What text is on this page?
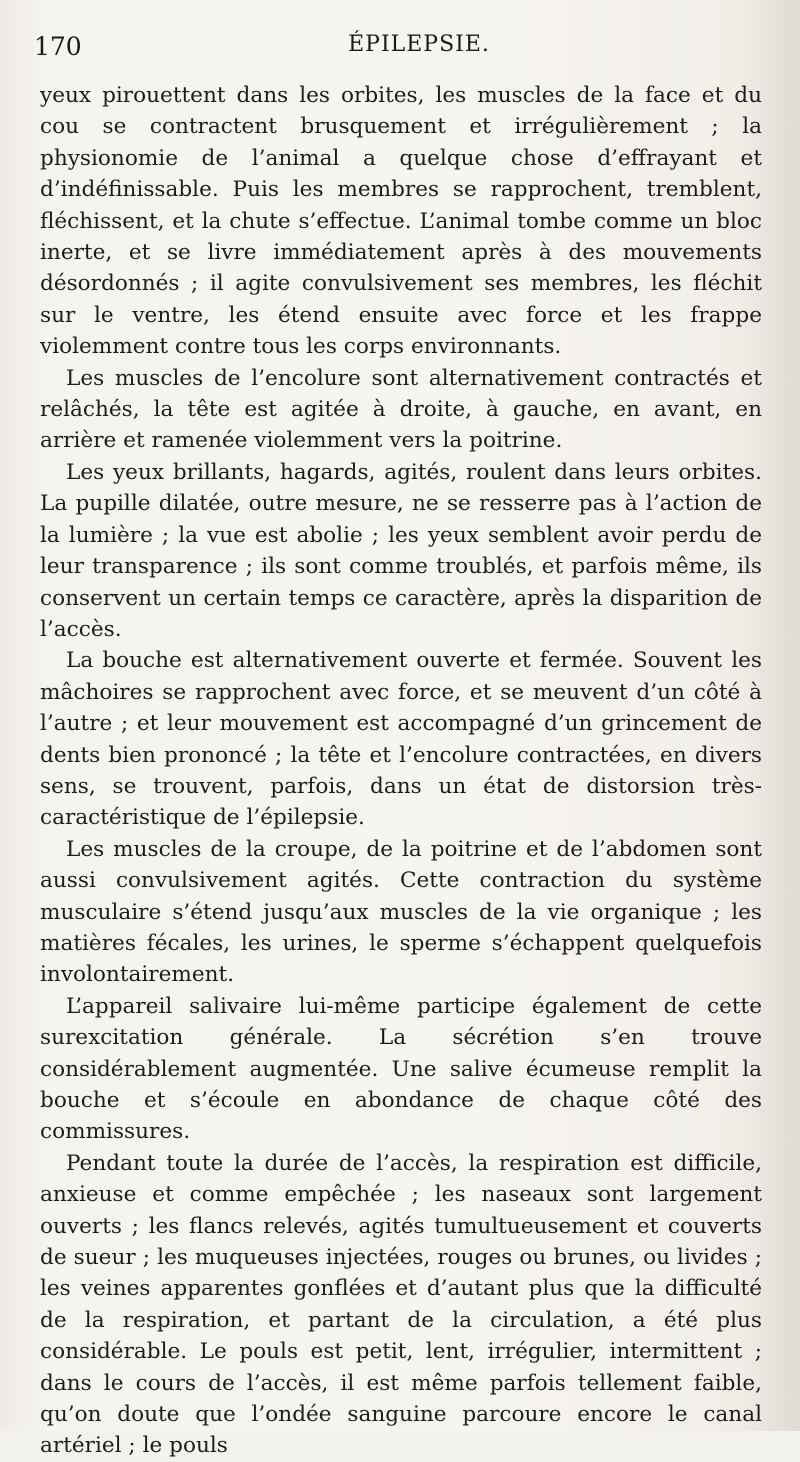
170	ÉPILEPSIE.

yeux pirouettent dans les orbites, les muscles de la face et du cou se contractent brusquement et irrégulièrement ; la physionomie de l’animal a quelque chose d’effrayant et d’indéfinissable. Puis les membres se rapprochent, tremblent, fléchissent, et la chute s’effectue. L’animal tombe comme un bloc inerte, et se livre immédiatement après à des mouvements désordonnés ; il agite convulsivement ses membres, les fléchit sur le ventre, les étend ensuite avec force et les frappe violemment contre tous les corps environnants.

Les muscles de l’encolure sont alternativement contractés et relâchés, la tête est agitée à droite, à gauche, en avant, en arrière et ramenée violemment vers la poitrine.

Les yeux brillants, hagards, agités, roulent dans leurs orbites. La pupille dilatée, outre mesure, ne se resserre pas à l’action de la lumière ; la vue est abolie ; les yeux semblent avoir perdu de leur transparence ; ils sont comme troublés, et parfois même, ils conservent un certain temps ce caractère, après la disparition de l’accès.

La bouche est alternativement ouverte et fermée. Souvent les mâchoires se rapprochent avec force, et se meuvent d’un côté à l’autre ; et leur mouvement est accompagné d’un grincement de dents bien prononcé ; la tête et l’encolure contractées, en divers sens, se trouvent, parfois, dans un état de distorsion très-caractéristique de l’épilepsie.

Les muscles de la croupe, de la poitrine et de l’abdomen sont aussi convulsivement agités. Cette contraction du système musculaire s’étend jusqu’aux muscles de la vie organique ; les matières fécales, les urines, le sperme s’échappent quelquefois involontairement.

L’appareil salivaire lui-même participe également de cette surexcitation générale. La sécrétion s’en trouve considérablement augmentée. Une salive écumeuse remplit la bouche et s’écoule en abondance de chaque côté des commissures.

Pendant toute la durée de l’accès, la respiration est difficile, anxieuse et comme empêchée ; les naseaux sont largement ouverts ; les flancs relevés, agités tumultueusement et couverts de sueur ; les muqueuses injectées, rouges ou brunes, ou livides ; les veines apparentes gonflées et d’autant plus que la difficulté de la respiration, et partant de la circulation, a été plus considérable. Le pouls est petit, lent, irrégulier, intermittent ; dans le cours de l’accès, il est même parfois tellement faible, qu’on doute que l’ondée sanguine parcoure encore le canal artériel ; le pouls
